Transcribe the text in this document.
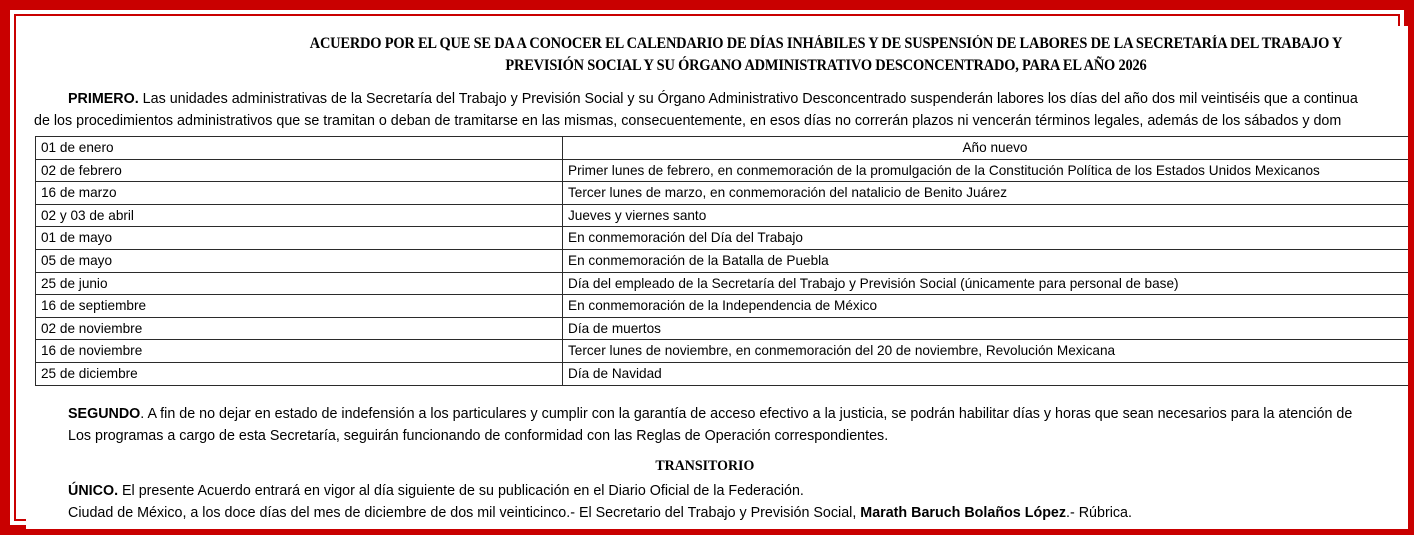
ACUERDO POR EL QUE SE DA A CONOCER EL CALENDARIO DE DÍAS INHÁBILES Y DE SUSPENSIÓN DE LABORES DE LA SECRETARÍA DEL TRABAJO Y PREVISIÓN SOCIAL Y SU ÓRGANO ADMINISTRATIVO DESCONCENTRADO, PARA EL AÑO 2026
PRIMERO. Las unidades administrativas de la Secretaría del Trabajo y Previsión Social y su Órgano Administrativo Desconcentrado suspenderán labores los días del año dos mil veintiséis que a continua
de los procedimientos administrativos que se tramitan o deban de tramitarse en las mismas, consecuentemente, en esos días no correrán plazos ni vencerán términos legales, además de los sábados y dom
01 de enero	Año nuevo
02 de febrero	Primer lunes de febrero, en conmemoración de la promulgación de la Constitución Política de los Estados Unidos Mexicanos
16 de marzo	Tercer lunes de marzo, en conmemoración del natalicio de Benito Juárez
02 y 03 de abril	Jueves y viernes santo
01 de mayo	En conmemoración del Día del Trabajo
05 de mayo	En conmemoración de la Batalla de Puebla
25 de junio	Día del empleado de la Secretaría del Trabajo y Previsión Social (únicamente para personal de base)
16 de septiembre	En conmemoración de la Independencia de México
02 de noviembre	Día de muertos
16 de noviembre	Tercer lunes de noviembre, en conmemoración del 20 de noviembre, Revolución Mexicana
25 de diciembre	Día de Navidad
SEGUNDO. A fin de no dejar en estado de indefensión a los particulares y cumplir con la garantía de acceso efectivo a la justicia, se podrán habilitar días y horas que sean necesarios para la atención de
Los programas a cargo de esta Secretaría, seguirán funcionando de conformidad con las Reglas de Operación correspondientes.
TRANSITORIO
ÚNICO. El presente Acuerdo entrará en vigor al día siguiente de su publicación en el Diario Oficial de la Federación.
Ciudad de México, a los doce días del mes de diciembre de dos mil veinticinco.- El Secretario del Trabajo y Previsión Social, Marath Baruch Bolaños López.- Rúbrica.
